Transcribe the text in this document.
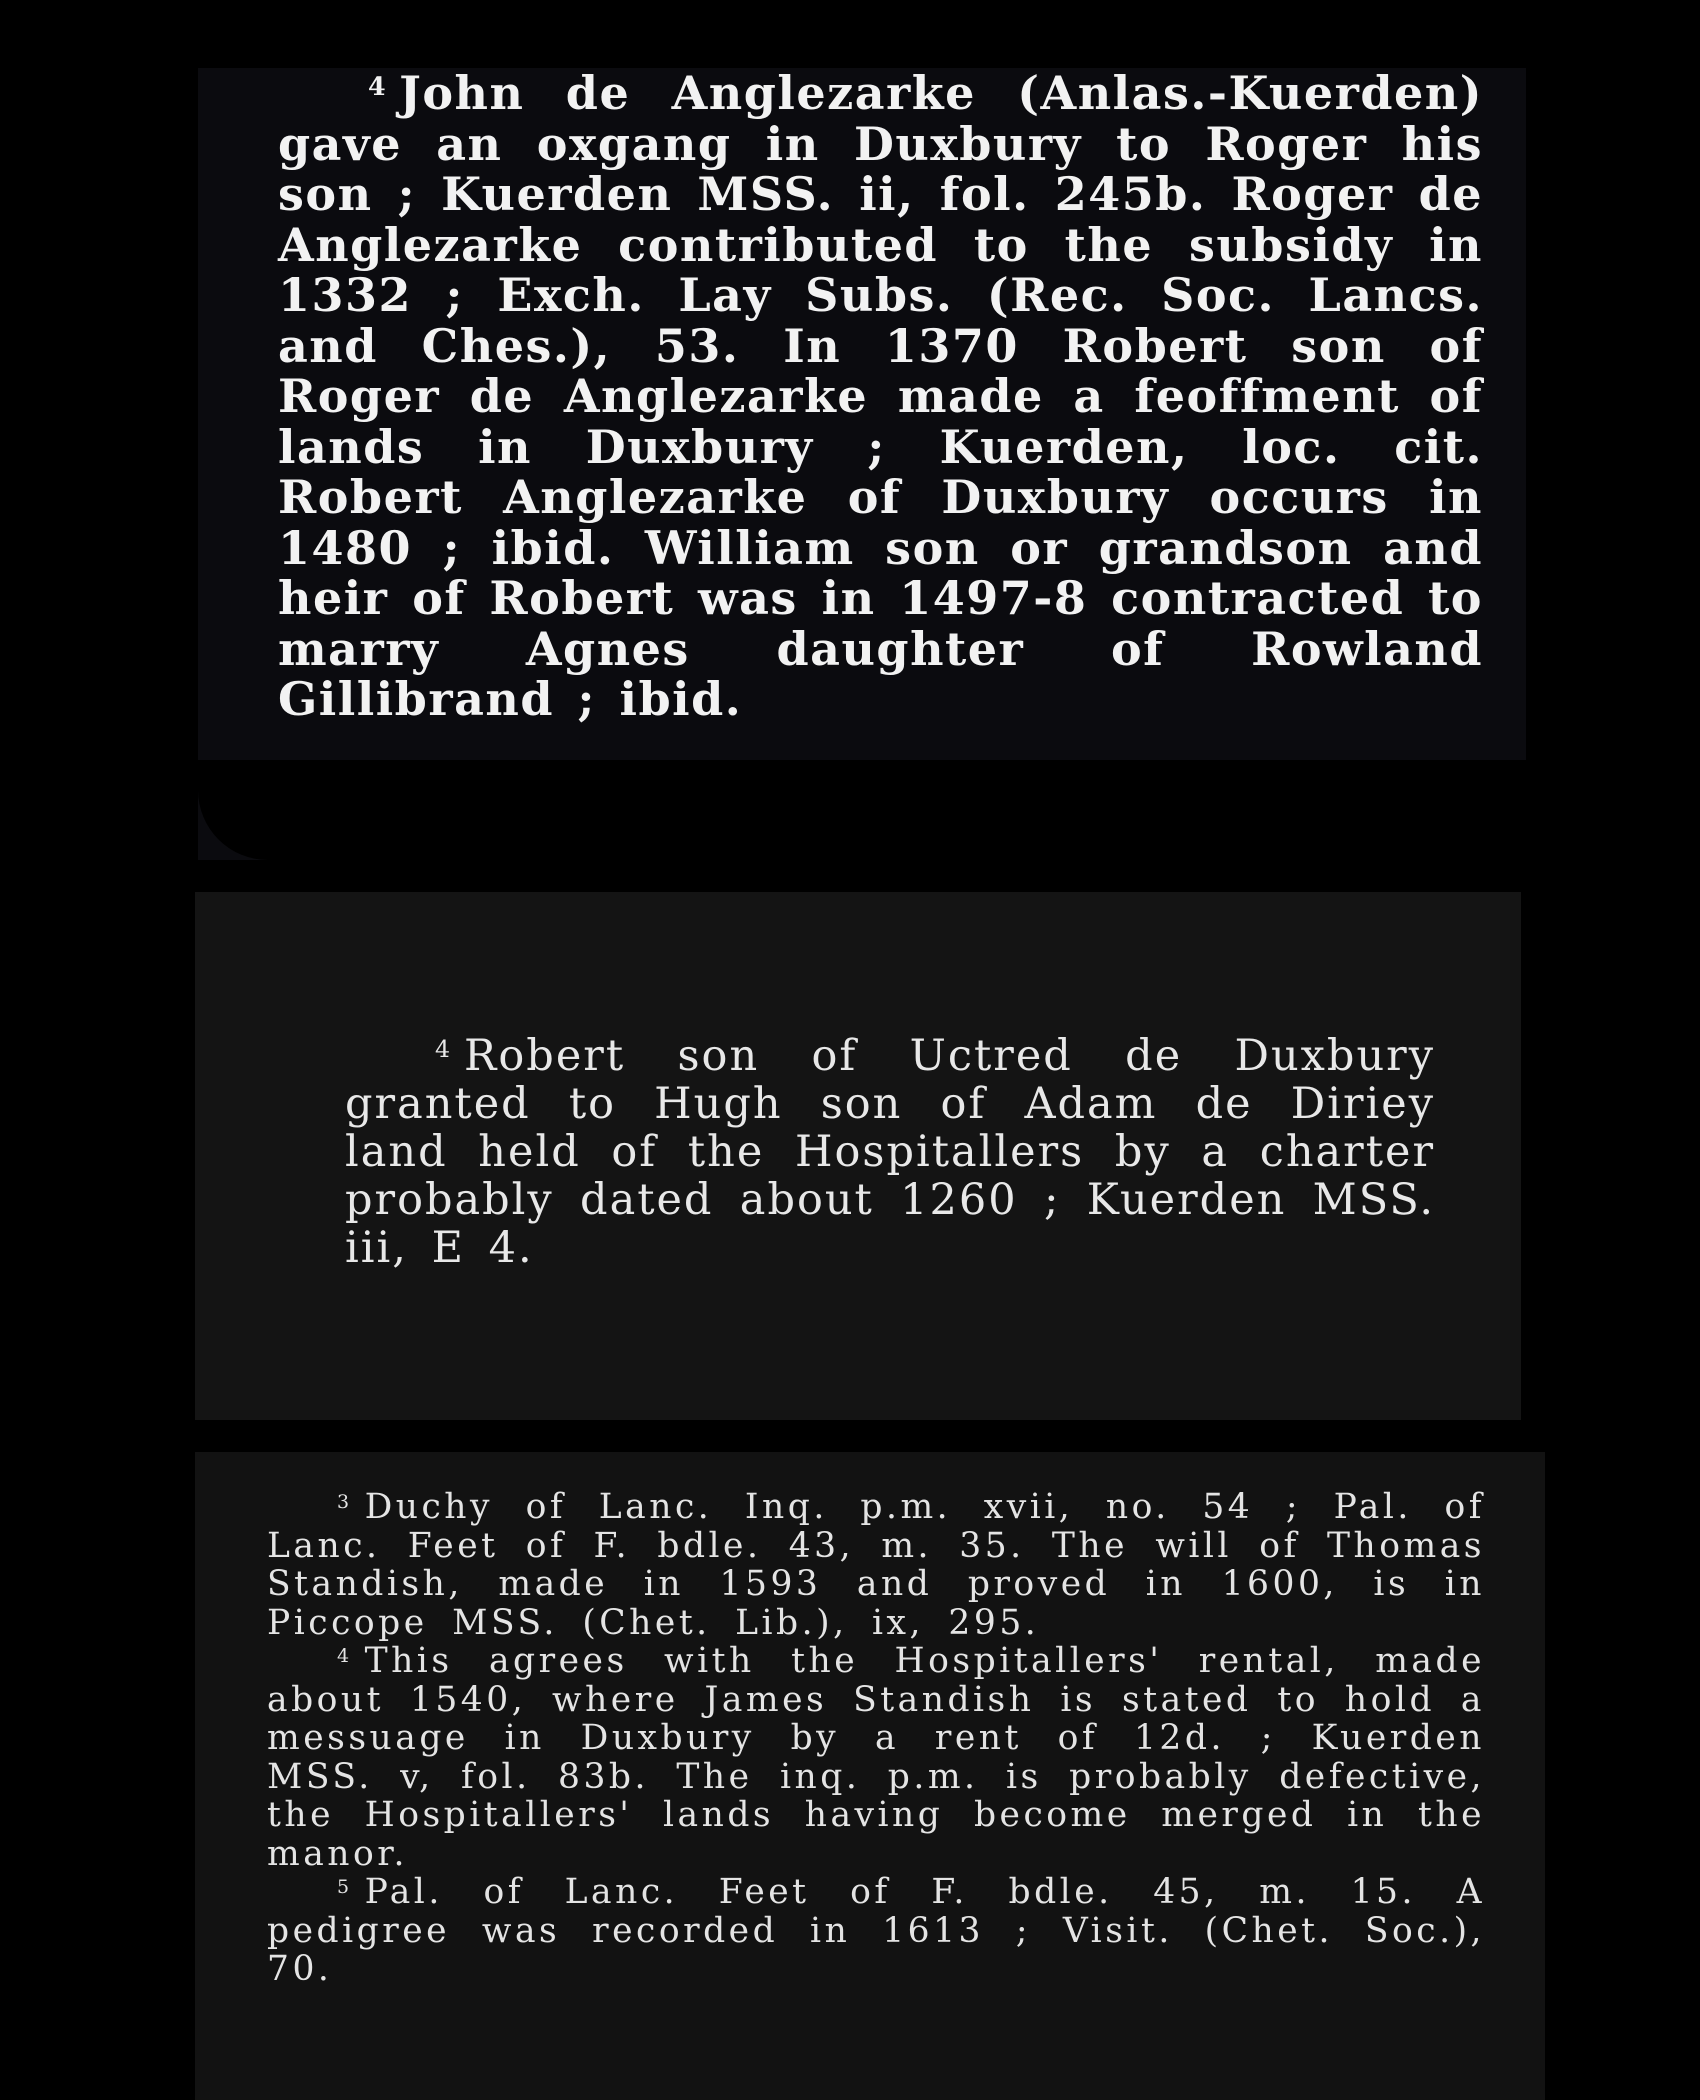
$^4$ John de Anglezarke (Anlas.-Kuerden) gave an oxgang in Duxbury to Roger his son ; Kuerden MSS. ii, fol. 245b. Roger de Anglezarke contributed to the subsidy in 1332 ; Exch. Lay Subs. (Rec. Soc. Lancs. and Ches.), 53. In 1370 Robert son of Roger de Anglezarke made a feoffment of lands in Duxbury ; Kuerden, loc. cit. Robert Anglezarke of Duxbury occurs in 1480 ; ibid. William son or grandson and heir of Robert was in 1497-8 contracted to marry Agnes daughter of Rowland Gillibrand ; ibid.

$^4$ Robert son of Uctred de Duxbury granted to Hugh son of Adam de Diriey land held of the Hospitallers by a charter probably dated about 1260 ; Kuerden MSS. iii, E 4.

$^3$ Duchy of Lanc. Inq. p.m. xvii, no. 54 ; Pal. of Lanc. Feet of F. bdle. 43, m. 35. The will of Thomas Standish, made in 1593 and proved in 1600, is in Piccope MSS. (Chet. Lib.), ix, 295.

$^4$ This agrees with the Hospitallers' rental, made about 1540, where James Standish is stated to hold a messuage in Duxbury by a rent of 12d. ; Kuerden MSS. v, fol. 83b. The inq. p.m. is probably defective, the Hospitallers' lands having become merged in the manor.

$^5$ Pal. of Lanc. Feet of F. bdle. 45, m. 15. A pedigree was recorded in 1613 ; Visit. (Chet. Soc.), 70.
